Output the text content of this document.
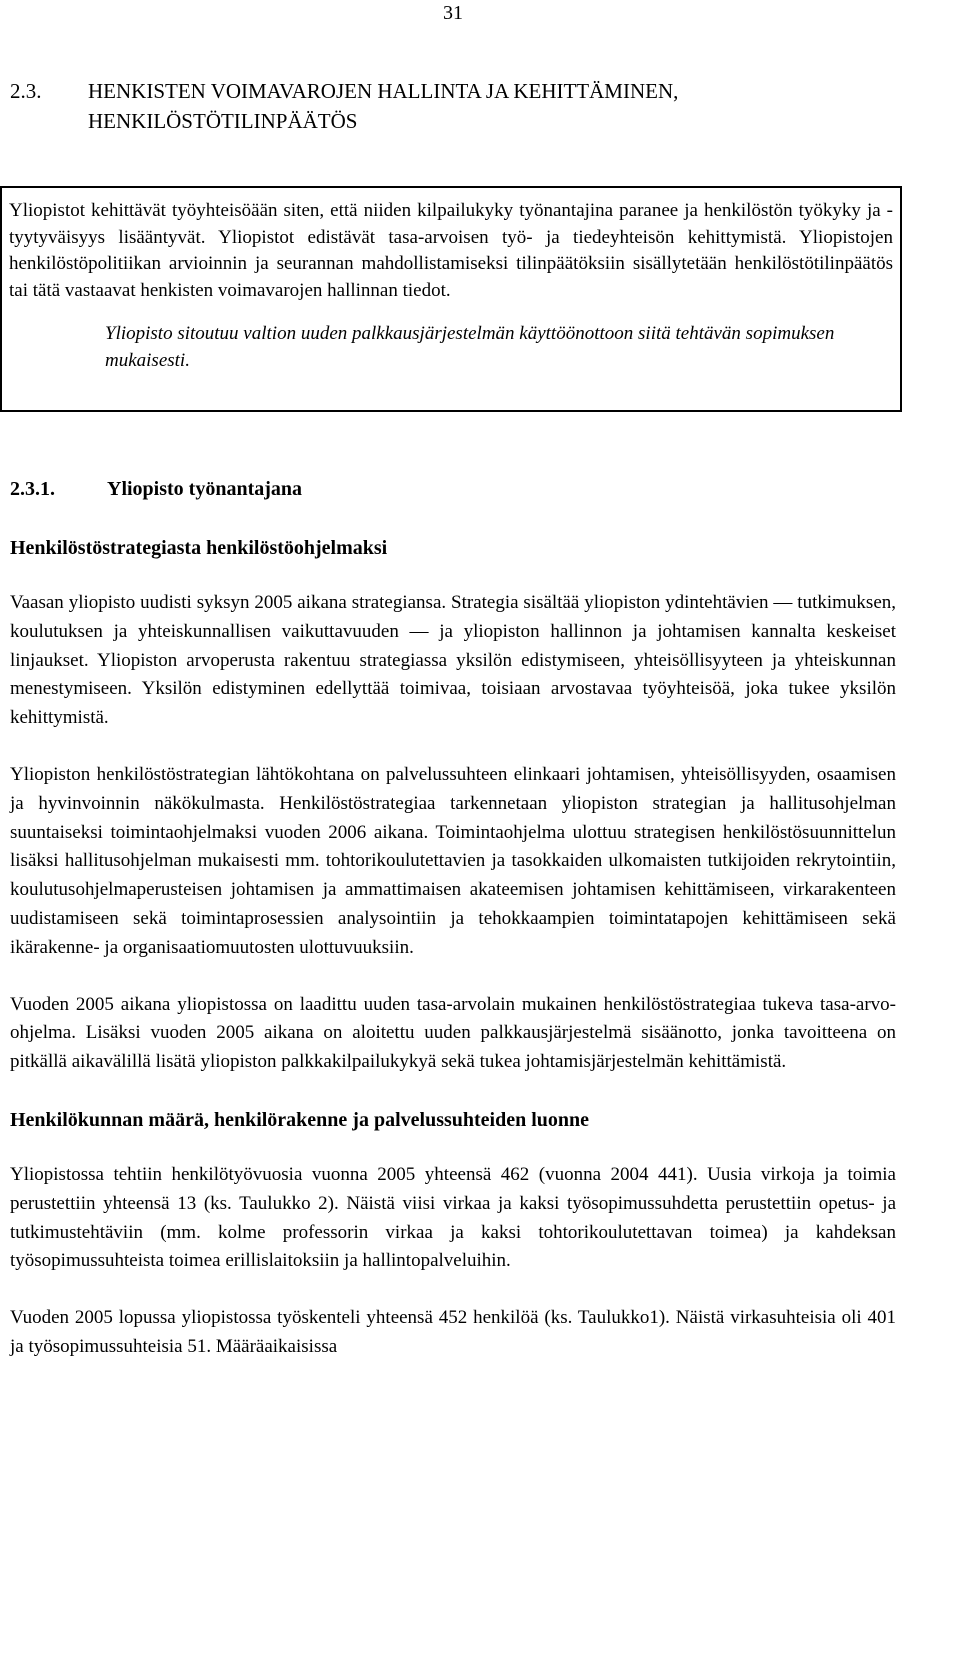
31
2.3. HENKISTEN VOIMAVAROJEN HALLINTA JA KEHITTÄMINEN,
HENKILÖSTÖTILINPÄÄTÖS

Yliopistot kehittävät työyhteisöään siten, että niiden kilpailukyky työnantajina paranee ja henkilöstön työkyky ja -tyytyväisyys lisääntyvät. Yliopistot edistävät tasa-arvoisen työ- ja tiedeyhteisön kehittymistä. Yliopistojen henkilöstöpolitiikan arvioinnin ja seurannan mahdollistamiseksi tilinpäätöksiin sisällytetään henkilöstötilinpäätös tai tätä vastaavat henkisten voimavarojen hallinnan tiedot.

Yliopisto sitoutuu valtion uuden palkkausjärjestelmän käyttöönottoon siitä tehtävän sopimuksen mukaisesti.

2.3.1.	Yliopisto työnantajana
Henkilöstöstrategiasta henkilöstöohjelmaksi

Vaasan yliopisto uudisti syksyn 2005 aikana strategiansa. Strategia sisältää yliopiston ydintehtävien — tutkimuksen, koulutuksen ja yhteiskunnallisen vaikuttavuuden — ja yliopiston hallinnon ja johtamisen kannalta keskeiset linjaukset. Yliopiston arvoperusta rakentuu strategiassa yksilön edistymiseen, yhteisöllisyyteen ja yhteiskunnan menestymiseen. Yksilön edistyminen edellyttää toimivaa, toisiaan arvostavaa työyhteisöä, joka tukee yksilön kehittymistä.

Yliopiston henkilöstöstrategian lähtökohtana on palvelussuhteen elinkaari johtamisen, yhteisöllisyyden, osaamisen ja hyvinvoinnin näkökulmasta. Henkilöstöstrategiaa tarkennetaan yliopiston strategian ja hallitusohjelman suuntaiseksi toimintaohjelmaksi vuoden 2006 aikana. Toimintaohjelma ulottuu strategisen henkilöstösuunnittelun lisäksi hallitusohjelman mukaisesti mm. tohtorikoulutettavien ja tasokkaiden ulkomaisten tutkijoiden rekrytointiin, koulutusohjelmaperusteisen johtamisen ja ammattimaisen akateemisen johtamisen kehittämiseen, virkarakenteen uudistamiseen sekä toimintaprosessien analysointiin ja tehokkaampien toimintatapojen kehittämiseen sekä ikärakenne- ja organisaatiomuutosten ulottuvuuksiin.

Vuoden 2005 aikana yliopistossa on laadittu uuden tasa-arvolain mukainen henkilöstöstrategiaa tukeva tasa-arvo-ohjelma. Lisäksi vuoden 2005 aikana on aloitettu uuden palkkausjärjestelmä sisäänotto, jonka tavoitteena on pitkällä aikavälillä lisätä yliopiston palkkakilpailukykyä sekä tukea johtamisjärjestelmän kehittämistä.

Henkilökunnan määrä, henkilörakenne ja palvelussuhteiden luonne

Yliopistossa tehtiin henkilötyövuosia vuonna 2005 yhteensä 462 (vuonna 2004 441). Uusia virkoja ja toimia perustettiin yhteensä 13 (ks. Taulukko 2). Näistä viisi virkaa ja kaksi työsopimussuhdetta perustettiin opetus- ja tutkimustehtäviin (mm. kolme professorin virkaa ja kaksi tohtorikoulutettavan toimea) ja kahdeksan työsopimussuhteista toimea erillislaitoksiin ja hallintopalveluihin.

Vuoden 2005 lopussa yliopistossa työskenteli yhteensä 452 henkilöä (ks. Taulukko1). Näistä virkasuhteisia oli 401 ja työsopimussuhteisia 51. Määräaikaisissa
